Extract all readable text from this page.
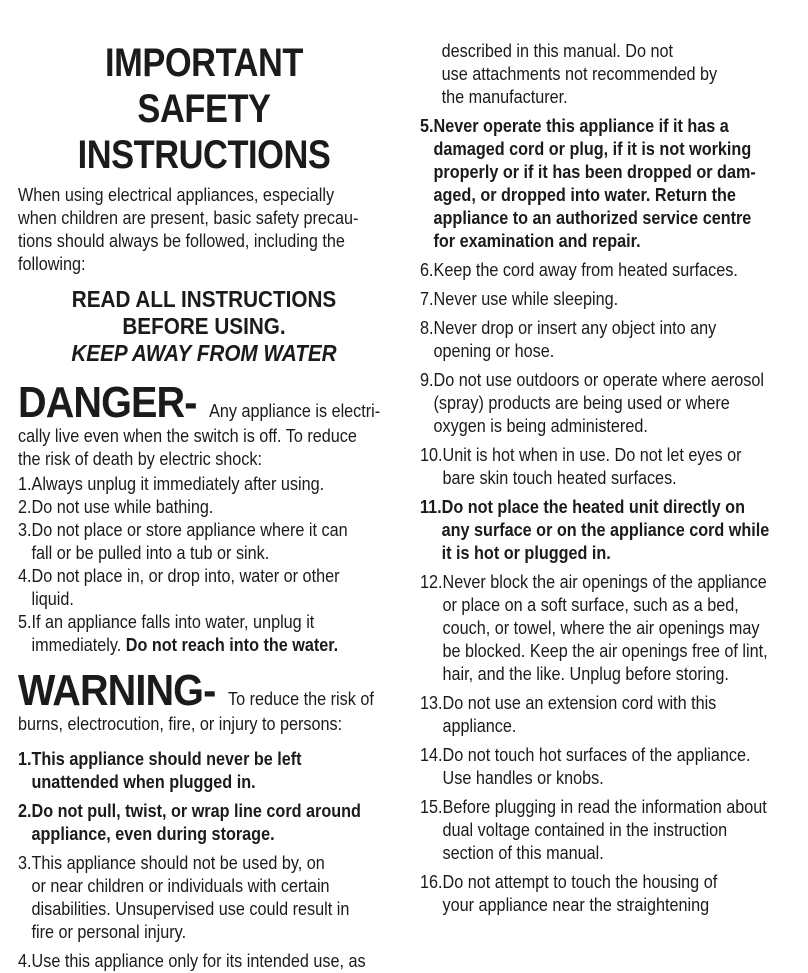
IMPORTANT SAFETY
INSTRUCTIONS
When using electrical appliances, especially
when children are present, basic safety precau-
tions should always be followed, including the
following:
READ ALL INSTRUCTIONS
BEFORE USING.
KEEP AWAY FROM WATER
DANGER- Any appliance is electri-
cally live even when the switch is off. To reduce
the risk of death by electric shock:
1. Always unplug it immediately after using.
2. Do not use while bathing.
3. Do not place or store appliance where it can
fall or be pulled into a tub or sink.
4. Do not place in, or drop into, water or other
liquid.
5. If an appliance falls into water, unplug it
immediately. Do not reach into the water.
WARNING- To reduce the risk of
burns, electrocution, fire, or injury to persons:
1. This appliance should never be left
unattended when plugged in.
2. Do not pull, twist, or wrap line cord around
appliance, even during storage.
3. This appliance should not be used by, on
or near children or individuals with certain
disabilities. Unsupervised use could result in
fire or personal injury.
4. Use this appliance only for its intended use, as
described in this manual. Do not
use attachments not recommended by
the manufacturer.
5. Never operate this appliance if it has a
damaged cord or plug, if it is not working
properly or if it has been dropped or dam-
aged, or dropped into water. Return the
appliance to an authorized service centre
for examination and repair.
6. Keep the cord away from heated surfaces.
7. Never use while sleeping.
8. Never drop or insert any object into any
opening or hose.
9. Do not use outdoors or operate where aerosol
(spray) products are being used or where
oxygen is being administered.
10. Unit is hot when in use. Do not let eyes or
bare skin touch heated surfaces.
11. Do not place the heated unit directly on
any surface or on the appliance cord while
it is hot or plugged in.
12. Never block the air openings of the appliance
or place on a soft surface, such as a bed,
couch, or towel, where the air openings may
be blocked. Keep the air openings free of lint,
hair, and the like. Unplug before storing.
13. Do not use an extension cord with this
appliance.
14. Do not touch hot surfaces of the appliance.
Use handles or knobs.
15. Before plugging in read the information about
dual voltage contained in the instruction
section of this manual.
16. Do not attempt to touch the housing of
your appliance near the straightening
